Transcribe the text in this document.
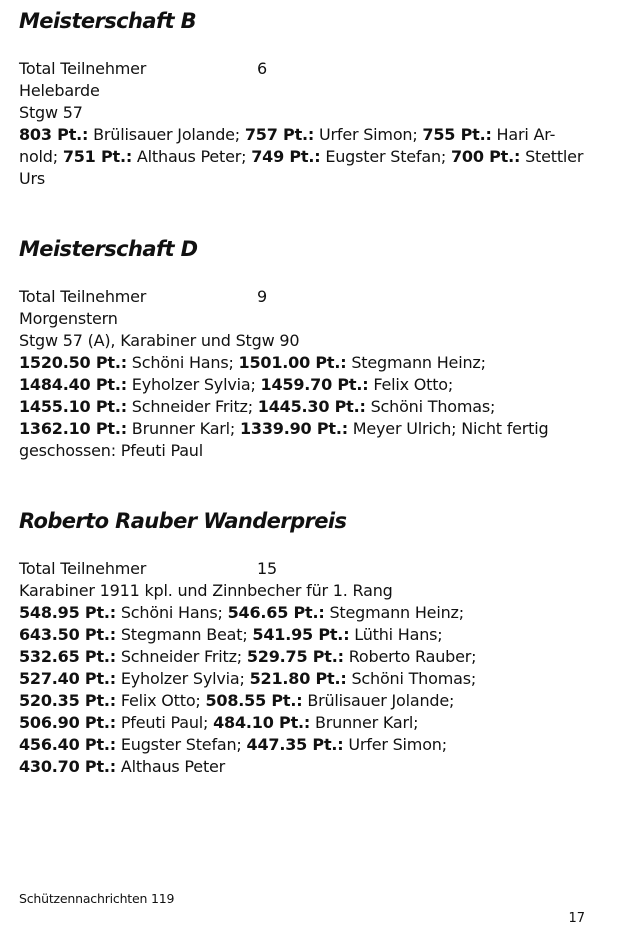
Meisterschaft B
Total Teilnehmer	6
Helebarde
Stgw 57
803 Pt.: Brülisauer Jolande; 757 Pt.: Urfer Simon; 755 Pt.: Hari Ar-
nold; 751 Pt.: Althaus Peter; 749 Pt.: Eugster Stefan; 700 Pt.: Stettler
Urs
Meisterschaft D
Total Teilnehmer	9
Morgenstern
Stgw 57 (A), Karabiner und Stgw 90
1520.50 Pt.: Schöni Hans; 1501.00 Pt.: Stegmann Heinz;
1484.40 Pt.: Eyholzer Sylvia; 1459.70 Pt.: Felix Otto;
1455.10 Pt.: Schneider Fritz; 1445.30 Pt.: Schöni Thomas;
1362.10 Pt.: Brunner Karl; 1339.90 Pt.: Meyer Ulrich; Nicht fertig
geschossen: Pfeuti Paul
Roberto Rauber Wanderpreis
Total Teilnehmer	15
Karabiner 1911 kpl. und Zinnbecher für 1. Rang
548.95 Pt.: Schöni Hans; 546.65 Pt.: Stegmann Heinz;
643.50 Pt.: Stegmann Beat; 541.95 Pt.: Lüthi Hans;
532.65 Pt.: Schneider Fritz; 529.75 Pt.: Roberto Rauber;
527.40 Pt.: Eyholzer Sylvia; 521.80 Pt.: Schöni Thomas;
520.35 Pt.: Felix Otto; 508.55 Pt.: Brülisauer Jolande;
506.90 Pt.: Pfeuti Paul; 484.10 Pt.: Brunner Karl;
456.40 Pt.: Eugster Stefan; 447.35 Pt.: Urfer Simon;
430.70 Pt.: Althaus Peter
Schützennachrichten 119
17
